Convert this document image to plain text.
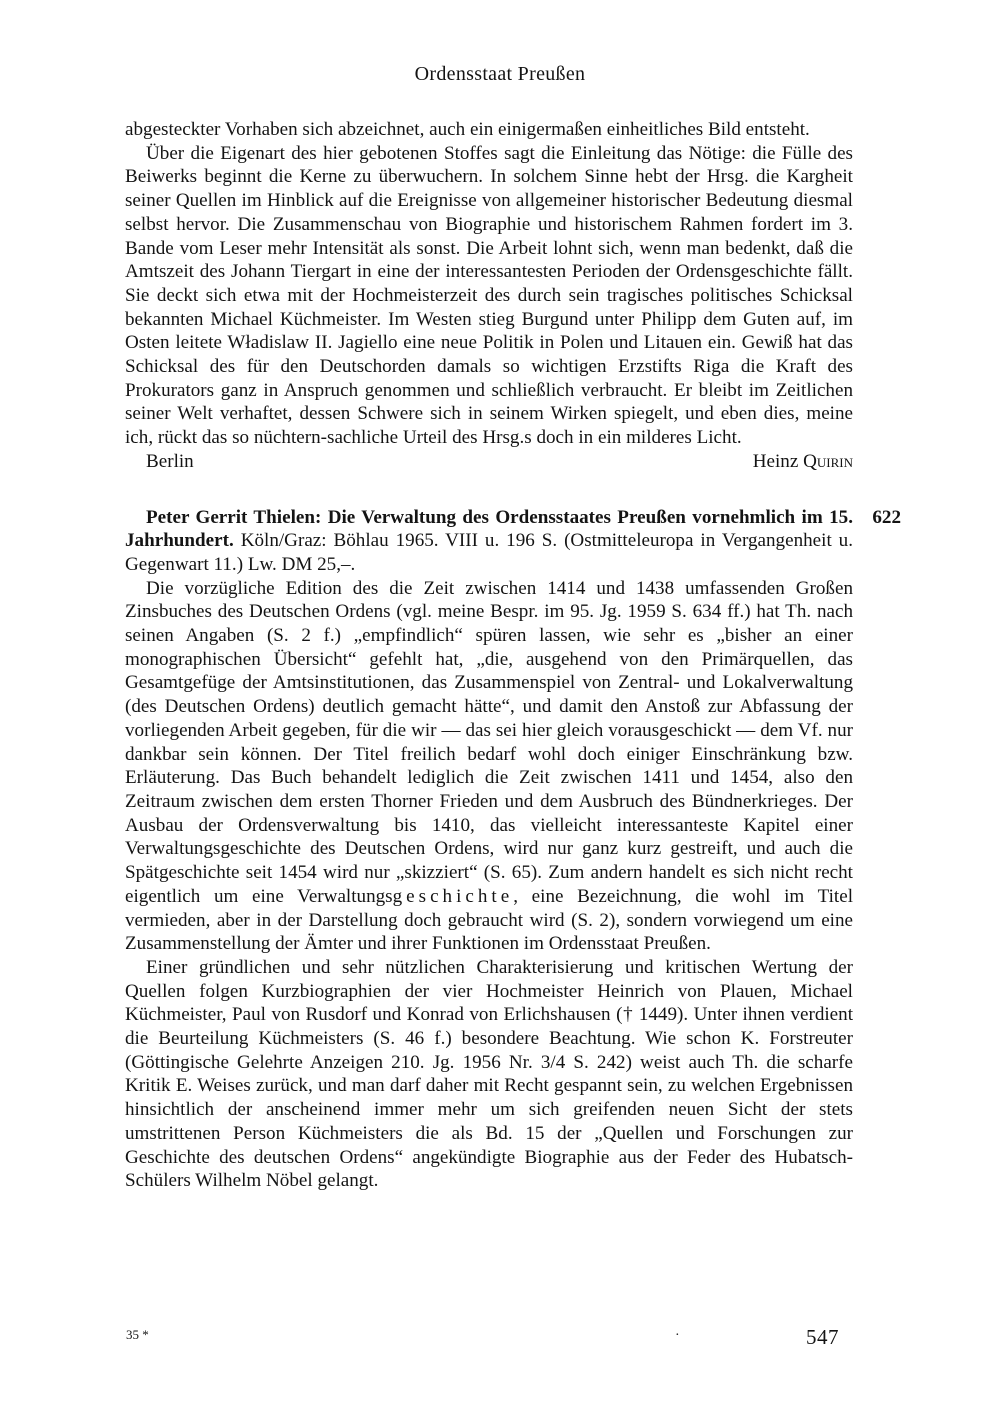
Ordensstaat Preußen

abgesteckter Vorhaben sich abzeichnet, auch ein einigermaßen einheitliches Bild entsteht.

Über die Eigenart des hier gebotenen Stoffes sagt die Einleitung das Nötige: die Fülle des Beiwerks beginnt die Kerne zu überwuchern. In solchem Sinne hebt der Hrsg. die Kargheit seiner Quellen im Hinblick auf die Ereignisse von allgemeiner historischer Bedeutung diesmal selbst hervor. Die Zusammenschau von Biographie und historischem Rahmen fordert im 3. Bande vom Leser mehr Intensität als sonst. Die Arbeit lohnt sich, wenn man bedenkt, daß die Amtszeit des Johann Tiergart in eine der interessantesten Perioden der Ordensgeschichte fällt. Sie deckt sich etwa mit der Hochmeisterzeit des durch sein tragisches politisches Schicksal bekannten Michael Küchmeister. Im Westen stieg Burgund unter Philipp dem Guten auf, im Osten leitete Władislaw II. Jagiello eine neue Politik in Polen und Litauen ein. Gewiß hat das Schicksal des für den Deutschorden damals so wichtigen Erzstifts Riga die Kraft des Prokurators ganz in Anspruch genommen und schließlich verbraucht. Er bleibt im Zeitlichen seiner Welt verhaftet, dessen Schwere sich in seinem Wirken spiegelt, und eben dies, meine ich, rückt das so nüchtern-sachliche Urteil des Hrsg.s doch in ein milderes Licht.

Berlin	Heinz Quirin
622

Peter Gerrit Thielen: Die Verwaltung des Ordensstaates Preußen vornehmlich im 15. Jahrhundert. Köln/Graz: Böhlau 1965. VIII u. 196 S. (Ostmitteleuropa in Vergangenheit u. Gegenwart 11.) Lw. DM 25,–.

Die vorzügliche Edition des die Zeit zwischen 1414 und 1438 umfassenden Großen Zinsbuches des Deutschen Ordens (vgl. meine Bespr. im 95. Jg. 1959 S. 634 ff.) hat Th. nach seinen Angaben (S. 2 f.) „empfindlich“ spüren lassen, wie sehr es „bisher an einer monographischen Übersicht“ gefehlt hat, „die, ausgehend von den Primärquellen, das Gesamtgefüge der Amtsinstitutionen, das Zusammenspiel von Zentral- und Lokalverwaltung (des Deutschen Ordens) deutlich gemacht hätte“, und damit den Anstoß zur Abfassung der vorliegenden Arbeit gegeben, für die wir — das sei hier gleich vorausgeschickt — dem Vf. nur dankbar sein können. Der Titel freilich bedarf wohl doch einiger Einschränkung bzw. Erläuterung. Das Buch behandelt lediglich die Zeit zwischen 1411 und 1454, also den Zeitraum zwischen dem ersten Thorner Frieden und dem Ausbruch des Bündnerkrieges. Der Ausbau der Ordensverwaltung bis 1410, das vielleicht interessanteste Kapitel einer Verwaltungsgeschichte des Deutschen Ordens, wird nur ganz kurz gestreift, und auch die Spätgeschichte seit 1454 wird nur „skizziert“ (S. 65). Zum andern handelt es sich nicht recht eigentlich um eine Verwaltungsgeschichte, eine Bezeichnung, die wohl im Titel vermieden, aber in der Darstellung doch gebraucht wird (S. 2), sondern vorwiegend um eine Zusammenstellung der Ämter und ihrer Funktionen im Ordensstaat Preußen.

Einer gründlichen und sehr nützlichen Charakterisierung und kritischen Wertung der Quellen folgen Kurzbiographien der vier Hochmeister Heinrich von Plauen, Michael Küchmeister, Paul von Rusdorf und Konrad von Erlichshausen († 1449). Unter ihnen verdient die Beurteilung Küchmeisters (S. 46 f.) besondere Beachtung. Wie schon K. Forstreuter (Göttingische Gelehrte Anzeigen 210. Jg. 1956 Nr. 3/4 S. 242) weist auch Th. die scharfe Kritik E. Weises zurück, und man darf daher mit Recht gespannt sein, zu welchen Ergebnissen hinsichtlich der anscheinend immer mehr um sich greifenden neuen Sicht der stets umstrittenen Person Küchmeisters die als Bd. 15 der „Quellen und Forschungen zur Geschichte des deutschen Ordens“ angekündigte Biographie aus der Feder des Hubatsch-Schülers Wilhelm Nöbel gelangt.

35 *	·	547
